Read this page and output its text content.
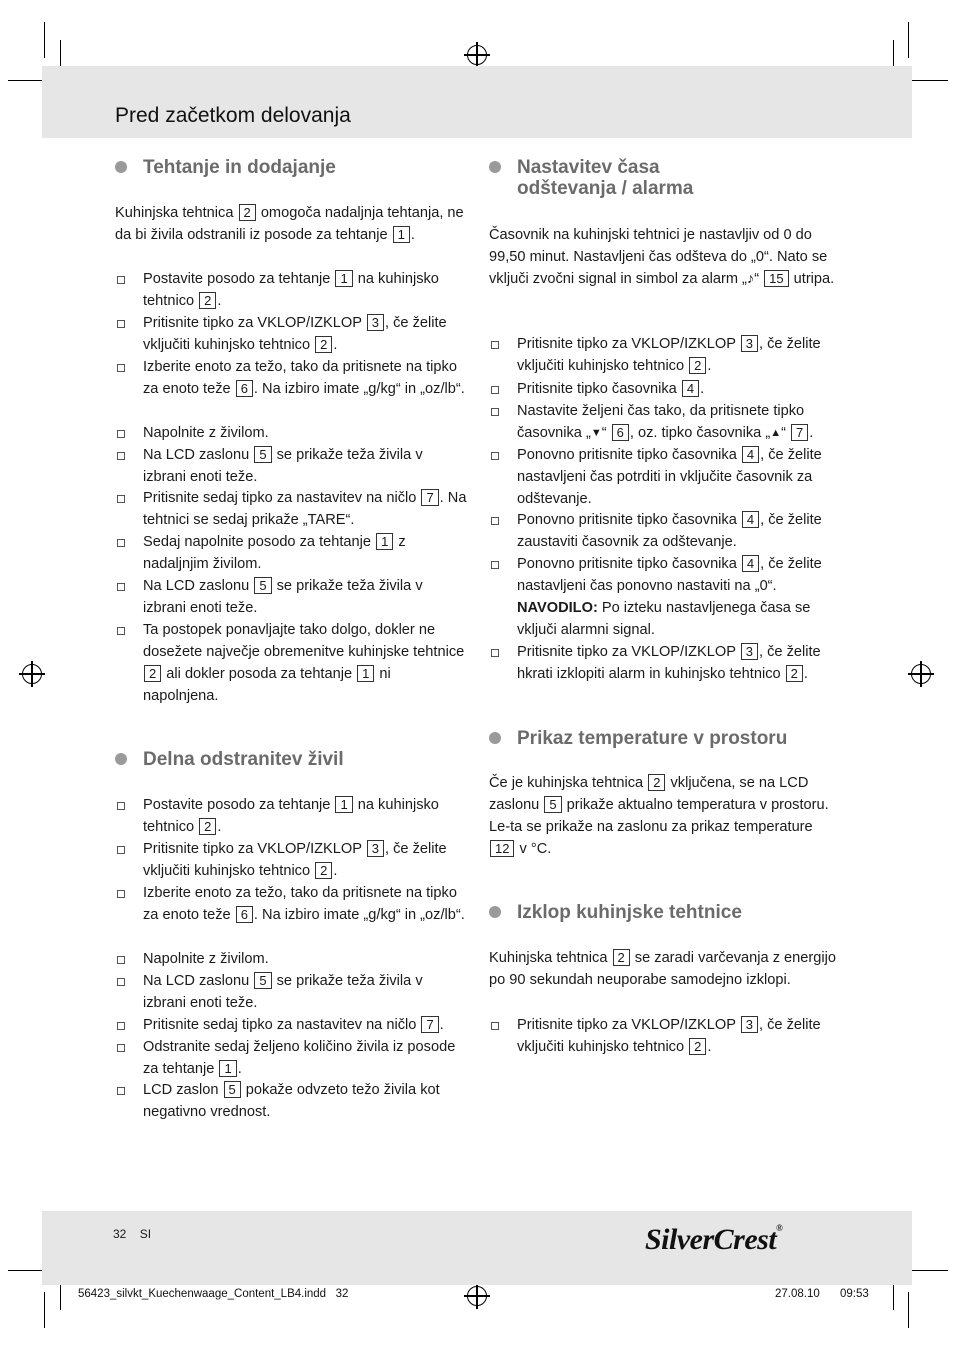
Pred začetkom delovanja
Tehtanje in dodajanje
Kuhinjska tehtnica 2 omogoča nadaljnja tehtanja, ne da bi živila odstranili iz posode za tehtanje 1 .
Postavite posodo za tehtanje 1 na kuhinjsko tehtnico 2 .
Pritisnite tipko za VKLOP/IZKLOP 3 , če želite vključiti kuhinjsko tehtnico 2 .
Izberite enoto za težo, tako da pritisnete na tipko za enoto teže 6 . Na izbiro imate „g/kg“ in „oz/lb“.
Napolnite z živilom.
Na LCD zaslonu 5 se prikaže teža živila v izbrani enoti teže.
Pritisnite sedaj tipko za nastavitev na ničlo 7 . Na tehtnici se sedaj prikaže „TARE“.
Sedaj napolnite posodo za tehtanje 1 z nadaljnjim živilom.
Na LCD zaslonu 5 se prikaže teža živila v izbrani enoti teže.
Ta postopek ponavljajte tako dolgo, dokler ne dosežete največje obremenitve kuhinjske tehtnice 2 ali dokler posoda za tehtanje 1 ni napolnjena.
Delna odstranitev živil
Postavite posodo za tehtanje 1 na kuhinjsko tehtnico 2 .
Pritisnite tipko za VKLOP/IZKLOP 3 , če želite vključiti kuhinjsko tehtnico 2 .
Izberite enoto za težo, tako da pritisnete na tipko za enoto teže 6 . Na izbiro imate „g/kg“ in „oz/lb“.
Napolnite z živilom.
Na LCD zaslonu 5 se prikaže teža živila v izbrani enoti teže.
Pritisnite sedaj tipko za nastavitev na ničlo 7 .
Odstranite sedaj željeno količino živila iz posode za tehtanje 1 .
LCD zaslon 5 pokaže odvzeto težo živila kot negativno vrednost.
Nastavitev časa
odštevanja / alarma
Časovnik na kuhinjski tehtnici je nastavljiv od 0 do 99,50 minut. Nastavljeni čas odšteva do „0“. Nato se vključi zvočni signal in simbol za alarm „♪“ 15 utripa.
Pritisnite tipko za VKLOP/IZKLOP 3 , če želite vključiti kuhinjsko tehtnico 2 .
Pritisnite tipko časovnika 4 .
Nastavite željeni čas tako, da pritisnete tipko časovnika „▼“ 6 , oz. tipko časovnika „▲“ 7 .
Ponovno pritisnite tipko časovnika 4 , če želite nastavljeni čas potrditi in vključite časovnik za odštevanje.
Ponovno pritisnite tipko časovnika 4 , če želite zaustaviti časovnik za odštevanje.
Ponovno pritisnite tipko časovnika 4 , če želite nastavljeni čas ponovno nastaviti na „0“. NAVODILO: Po izteku nastavljenega časa se vključi alarmni signal.
Pritisnite tipko za VKLOP/IZKLOP 3 , če želite hkrati izklopiti alarm in kuhinjsko tehtnico 2 .
Prikaz temperature v prostoru
Če je kuhinjska tehtnica 2 vključena, se na LCD zaslonu 5 prikaže aktualno temperatura v prostoru. Le-ta se prikaže na zaslonu za prikaz temperature 12 v °C.
Izklop kuhinjske tehtnice
Kuhinjska tehtnica 2 se zaradi varčevanja z energijo po 90 sekundah neuporabe samodejno izklopi.
Pritisnite tipko za VKLOP/IZKLOP 3 , če želite vključiti kuhinjsko tehtnico 2 .
32 SI	SilverCrest®
56423_silvkt_Kuechenwaage_Content_LB4.indd   32	27.08.10 09:53
